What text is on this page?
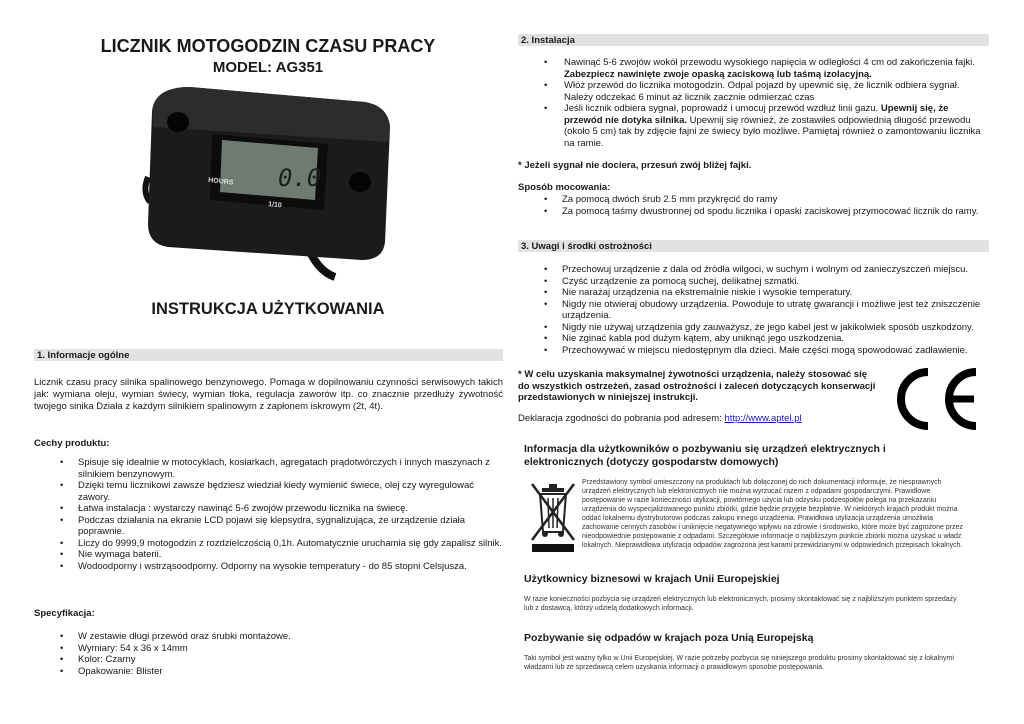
LICZNIK MOTOGODZIN CZASU PRACY
MODEL: AG351
0.0
HOURS
1/10
INSTRUKCJA UŻYTKOWANIA
1. Informacje ogólne
Licznik czasu pracy silnika spalinowego benzynowego. Pomaga w dopilnowaniu czynności serwisowych takich jak: wymiana oleju, wymian świecy, wymian tłoka, regulacja zaworów itp. co znacznie przedłuży żywotność twojego sinika Działa z każdym silnikiem spalinowym z zapłonem iskrowym (2t, 4t).
Cechy produktu:
• Spisuje się idealnie w motocyklach, kosiarkach, agregatach prądotwórczych i innych maszynach z silnikiem benzynowym.
• Dzięki temu licznikowi zawsze będziesz wiedział kiedy wymienić świece, olej czy wyregulować zawory.
• Łatwa instalacja : wystarczy nawinąć 5-6 zwojów przewodu licznika na świecę.
• Podczas działania na ekranie LCD pojawi się klepsydra, sygnalizująca, że urządzenie działa poprawnie.
• Liczy do 9999,9 motogodzin z rozdzielczością 0,1h. Automatycznie uruchamia się gdy zapalisz silnik.
• Nie wymaga baterii.
• Wodoodporny i wstrząsoodporny. Odporny na wysokie temperatury - do 85 stopni Celsjusza.
Specyfikacja:
• W zestawie długi przewód oraz śrubki montażowe.
• Wymiary: 54 x 36 x 14mm
• Kolor: Czarny
• Opakowanie: Blister
2. Instalacja
• Nawinąć 5-6 zwojów wokół przewodu wysokiego napięcia w odległości 4 cm od zakończenia fajki. Zabezpiecz nawinięte zwoje opaską zaciskową lub taśmą izolacyjną.
• Włóż przewód do licznika motogodzin. Odpal pojazd by upewnić się, że licznik odbiera sygnał. Należy odczekać 6 minut aż licznik zacznie odmierzać czas
• Jeśli licznik odbiera sygnał, poprowadź i umocuj przewód wzdłuż linii gazu. Upewnij się, że przewód nie dotyka silnika. Upewnij się również, że zostawiłeś odpowiednią długość przewodu (około 5 cm) tak by zdjęcie fajni ze świecy było możliwe. Pamiętaj również o zamontowaniu licznika na ramie.
* Jeżeli sygnał nie dociera, przesuń zwój bliżej fajki.
Sposób mocowania:
• Za pomocą dwóch śrub 2.5 mm przykręcić do ramy
• Za pomocą taśmy dwustronnej od spodu licznika i opaski zaciskowej przymocować licznik do ramy.
3. Uwagi i środki ostrożności
• Przechowuj urządzenie z dala od źródła wilgoci, w suchym i wolnym od zanieczyszczeń miejscu.
• Czyść urządzenie za pomocą suchej, delikatnej szmatki.
• Nie narażaj urządzenia na ekstremalnie niskie i wysokie temperatury.
• Nigdy nie otwieraj obudowy urządzenia. Powoduje to utratę gwarancji i możliwe jest też zniszczenie urządzenia.
• Nigdy nie używaj urządzenia gdy zauważysz, że jego kabel jest w jakikolwiek sposób uszkodzony.
• Nie zginać kabla pod dużym kątem, aby uniknąć jego uszkodzenia.
• Przechowywać w miejscu niedostępnym dla dzieci. Małe części mogą spowodować zadławienie.
* W celu uzyskania maksymalnej żywotności urządzenia, należy stosować się do wszystkich ostrzeżeń, zasad ostrożności i zaleceń dotyczących konserwacji przedstawionych w niniejszej instrukcji.
Deklaracja zgodności do pobrania pod adresem: http://www.aptel.pl
Informacja dla użytkowników o pozbywaniu się urządzeń elektrycznych i elektronicznych (dotyczy gospodarstw domowych)
Przedstawiony symbol umieszczony na produktach lub dołączonej do nich dokumentacji informuje, że niesprawnych urządzeń elektrycznych lub elektronicznych nie można wyrzucać razem z odpadami gospodarczymi. Prawidłowe postępowanie w razie konieczności utylizacji, powtórnego użycia lub odzysku podzespołów polega na przekazaniu urządzenia do wyspecjalizowanego punktu zbiórki, gdzie będzie przyjęte bezpłatnie. W niektórych krajach produkt można oddać lokalnemu dystrybutorowi podczas zakupu innego urządzenia. Prawidłowa utylizacja urządzenia umożliwia zachowanie cennych zasobów i uniknięcie negatywnego wpływu na zdrowie i środowisko, które może być zagrożone przez nieodpowiednie postępowanie z odpadami. Szczegółowe informacje o najbliższym punkcie zbiórki można uzyskać u władz lokalnych. Nieprawidłowa utylizacja odpadów zagrożona jest karami przewidzianymi w odpowiednich przepisach lokalnych.
Użytkownicy biznesowi w krajach Unii Europejskiej
W razie konieczności pozbycia się urządzeń elektrycznych lub elektronicznych, prosimy skontaktować się z najbliższym punktem sprzedaży lub z dostawcą, którzy udzielą dodatkowych informacji.
Pozbywanie się odpadów w krajach poza Unią Europejską
Taki symbol jest ważny tylko w Unii Europejskiej. W razie potrzeby pozbycia się niniejszego produktu prosimy skontaktować się z lokalnymi władzami lub ze sprzedawcą celem uzyskania informacji o prawidłowym sposobie postępowania.
